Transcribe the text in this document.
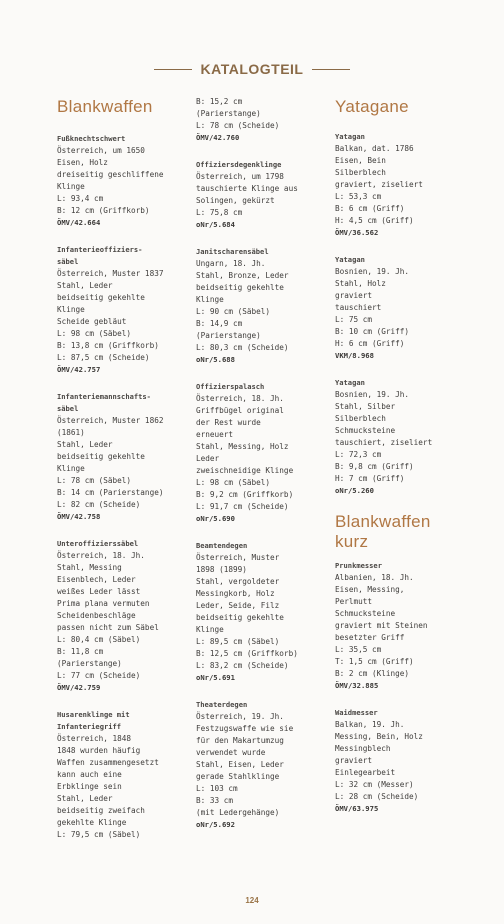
KATALOGTEIL
Blankwaffen
Fußknechtschwert
Österreich, um 1650
Eisen, Holz
dreiseitig geschliffene
Klinge
L: 93,4 cm
B: 12 cm (Griffkorb)
ÖMV/42.664
Infanterieoffiziers-
säbel
Österreich, Muster 1837
Stahl, Leder
beidseitig gekehlte
Klinge
Scheide gebläut
L: 98 cm (Säbel)
B: 13,8 cm (Griffkorb)
L: 87,5 cm (Scheide)
ÖMV/42.757
Infanteriemannschafts-
säbel
Österreich, Muster 1862
(1861)
Stahl, Leder
beidseitig gekehlte
Klinge
L: 78 cm (Säbel)
B: 14 cm (Parierstange)
L: 82 cm (Scheide)
ÖMV/42.758
Unteroffizierssäbel
Österreich, 18. Jh.
Stahl, Messing
Eisenblech, Leder
weißes Leder lässt
Prima plana vermuten
Scheidenbeschläge
passen nicht zum Säbel
L: 80,4 cm (Säbel)
B: 11,8 cm
(Parierstange)
L: 77 cm (Scheide)
ÖMV/42.759
Husarenklinge mit
Infanteriegriff
Österreich, 1848
1848 wurden häufig
Waffen zusammengesetzt
kann auch eine
Erbklinge sein
Stahl, Leder
beidseitig zweifach
gekehlte Klinge
L: 79,5 cm (Säbel)
B: 15,2 cm
(Parierstange)
L: 78 cm (Scheide)
ÖMV/42.760
Offiziersdegenklinge
Österreich, um 1798
tauschierte Klinge aus
Solingen, gekürzt
L: 75,8 cm
oNr/5.684
Janitscharensäbel
Ungarn, 18. Jh.
Stahl, Bronze, Leder
beidseitig gekehlte
Klinge
L: 90 cm (Säbel)
B: 14,9 cm
(Parierstange)
L: 80,3 cm (Scheide)
oNr/5.688
Offizierspalasch
Österreich, 18. Jh.
Griffbügel original
der Rest wurde
erneuert
Stahl, Messing, Holz
Leder
zweischneidige Klinge
L: 98 cm (Säbel)
B: 9,2 cm (Griffkorb)
L: 91,7 cm (Scheide)
oNr/5.690
Beamtendegen
Österreich, Muster
1898 (1899)
Stahl, vergoldeter
Messingkorb, Holz
Leder, Seide, Filz
beidseitig gekehlte
Klinge
L: 89,5 cm (Säbel)
B: 12,5 cm (Griffkorb)
L: 83,2 cm (Scheide)
oNr/5.691
Theaterdegen
Österreich, 19. Jh.
Festzugswaffe wie sie
für den Makartumzug
verwendet wurde
Stahl, Eisen, Leder
gerade Stahlklinge
L: 103 cm
B: 33 cm
(mit Ledergehänge)
oNr/5.692
Yatagane
Yatagan
Balkan, dat. 1786
Eisen, Bein
Silberblech
graviert, ziseliert
L: 53,3 cm
B: 6 cm (Griff)
H: 4,5 cm (Griff)
ÖMV/36.562
Yatagan
Bosnien, 19. Jh.
Stahl, Holz
graviert
tauschiert
L: 75 cm
B: 10 cm (Griff)
H: 6 cm (Griff)
VKM/8.968
Yatagan
Bosnien, 19. Jh.
Stahl, Silber
Silberblech
Schmucksteine
tauschiert, ziseliert
L: 72,3 cm
B: 9,8 cm (Griff)
H: 7 cm (Griff)
oNr/5.260
Blankwaffen kurz
Prunkmesser
Albanien, 18. Jh.
Eisen, Messing,
Perlmutt
Schmucksteine
graviert mit Steinen
besetzter Griff
L: 35,5 cm
T: 1,5 cm (Griff)
B: 2 cm (Klinge)
ÖMV/32.885
Waidmesser
Balkan, 19. Jh.
Messing, Bein, Holz
Messingblech
graviert
Einlegearbeit
L: 32 cm (Messer)
L: 28 cm (Scheide)
ÖMV/63.975
124
